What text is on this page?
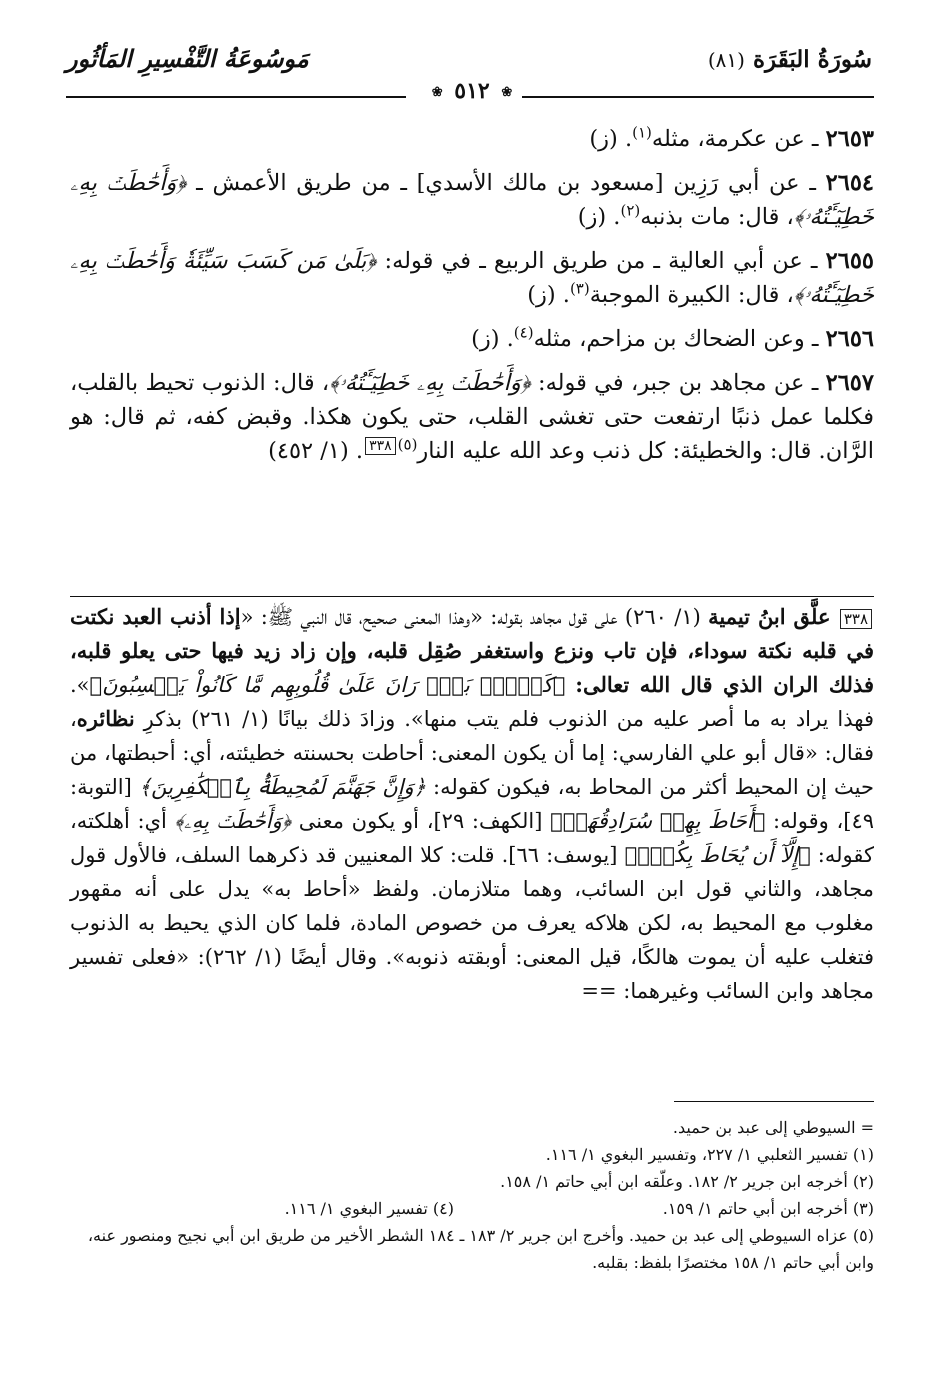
سُورَةُ البَقَرَة (٨١)
مَوسُوعَةُ التَّفْسِيرِ المَأثُور
❀ ٥١٢ ❀
٢٦٥٣ ـ عن عكرمة، مثله$^{(١)}$. (ز)
٢٦٥٤ ـ عن أبي رَزِين [مسعود بن مالك الأسدي] ـ من طريق الأعمش ـ ﴿وَأَحَٰطَتۡ بِهِۦ خَطِيٓـَٔتُهُۥ﴾، قال: مات بذنبه$^{(٢)}$. (ز)
٢٦٥٥ ـ عن أبي العالية ـ من طريق الربيع ـ في قوله: ﴿بَلَىٰ مَن كَسَبَ سَيِّئَةٗ وَأَحَٰطَتۡ بِهِۦ خَطِيٓـَٔتُهُۥ﴾، قال: الكبيرة الموجبة$^{(٣)}$. (ز)
٢٦٥٦ ـ وعن الضحاك بن مزاحم، مثله$^{(٤)}$. (ز)
٢٦٥٧ ـ عن مجاهد بن جبر، في قوله: ﴿وَأَحَٰطَتۡ بِهِۦ خَطِيٓـَٔتُهُۥ﴾، قال: الذنوب تحيط بالقلب، فكلما عمل ذنبًا ارتفعت حتى تغشى القلب، حتى يكون هكذا. وقبض كفه، ثم قال: هو الرَّان. قال: والخطيئة: كل ذنب وعد الله عليه النار$^{(٥)٣٣٨}$. (١/ ٤٥٢)
٣٣٨ علَّق ابنُ تيمية (١/ ٢٦٠) على قول مجاهد بقوله: «وهذا المعنى صحيح، قال النبي ﷺ: «إذا أذنب العبد نكتت في قلبه نكتة سوداء، فإن تاب ونزع واستغفر صُقِل قلبه، وإن زاد زيد فيها حتى يعلو قلبه، فذلك الران الذي قال الله تعالى: ﴿كَلَّاۖ بَلۡۜ رَانَ عَلَىٰ قُلُوبِهِم مَّا كَانُواْ يَكۡسِبُونَ﴾». فهذا يراد به ما أصر عليه من الذنوب فلم يتب منها». وزادَ ذلك بيانًا (١/ ٢٦١) بذكرِ نظائره، فقال: «قال أبو علي الفارسي: إما أن يكون المعنى: أحاطت بحسنته خطيئته، أي: أحبطتها، من حيث إن المحيط أكثر من المحاط به، فيكون كقوله: ﴿وَإِنَّ جَهَنَّمَ لَمُحِيطَةُۢ بِٱلۡكَٰفِرِينَ﴾ [التوبة: ٤٩]، وقوله: ﴿أَحَاطَ بِهِمۡ سُرَادِقُهَاۚ﴾ [الكهف: ٢٩]، أو يكون معنى ﴿وَأَحَٰطَتۡ بِهِۦ﴾ أي: أهلكته، كقوله: ﴿إِلَّآ أَن يُحَاطَ بِكُمۡۖ﴾ [يوسف: ٦٦]. قلت: كلا المعنيين قد ذكرهما السلف، فالأول قول مجاهد، والثاني قول ابن السائب، وهما متلازمان. ولفظ «أحاط به» يدل على أنه مقهور مغلوب مع المحيط به، لكن هلاكه يعرف من خصوص المادة، فلما كان الذي يحيط به الذنوب فتغلب عليه أن يموت هالكًا، قيل المعنى: أوبقته ذنوبه». وقال أيضًا (١/ ٢٦٢): «فعلى تفسير مجاهد وابن السائب وغيرهما: ==

= السيوطي إلى عبد بن حميد.

(١) تفسير الثعلبي ١/ ٢٢٧، وتفسير البغوي ١/ ١١٦.

(٢) أخرجه ابن جرير ٢/ ١٨٢. وعلّقه ابن أبي حاتم ١/ ١٥٨.

(٣) أخرجه ابن أبي حاتم ١/ ١٥٩.
(٤) تفسير البغوي ١/ ١١٦.

(٥) عزاه السيوطي إلى عبد بن حميد. وأخرج ابن جرير ٢/ ١٨٣ ـ ١٨٤ الشطر الأخير من طريق ابن أبي نجيح ومنصور عنه، وابن أبي حاتم ١/ ١٥٨ مختصرًا بلفظ: بقلبه.
